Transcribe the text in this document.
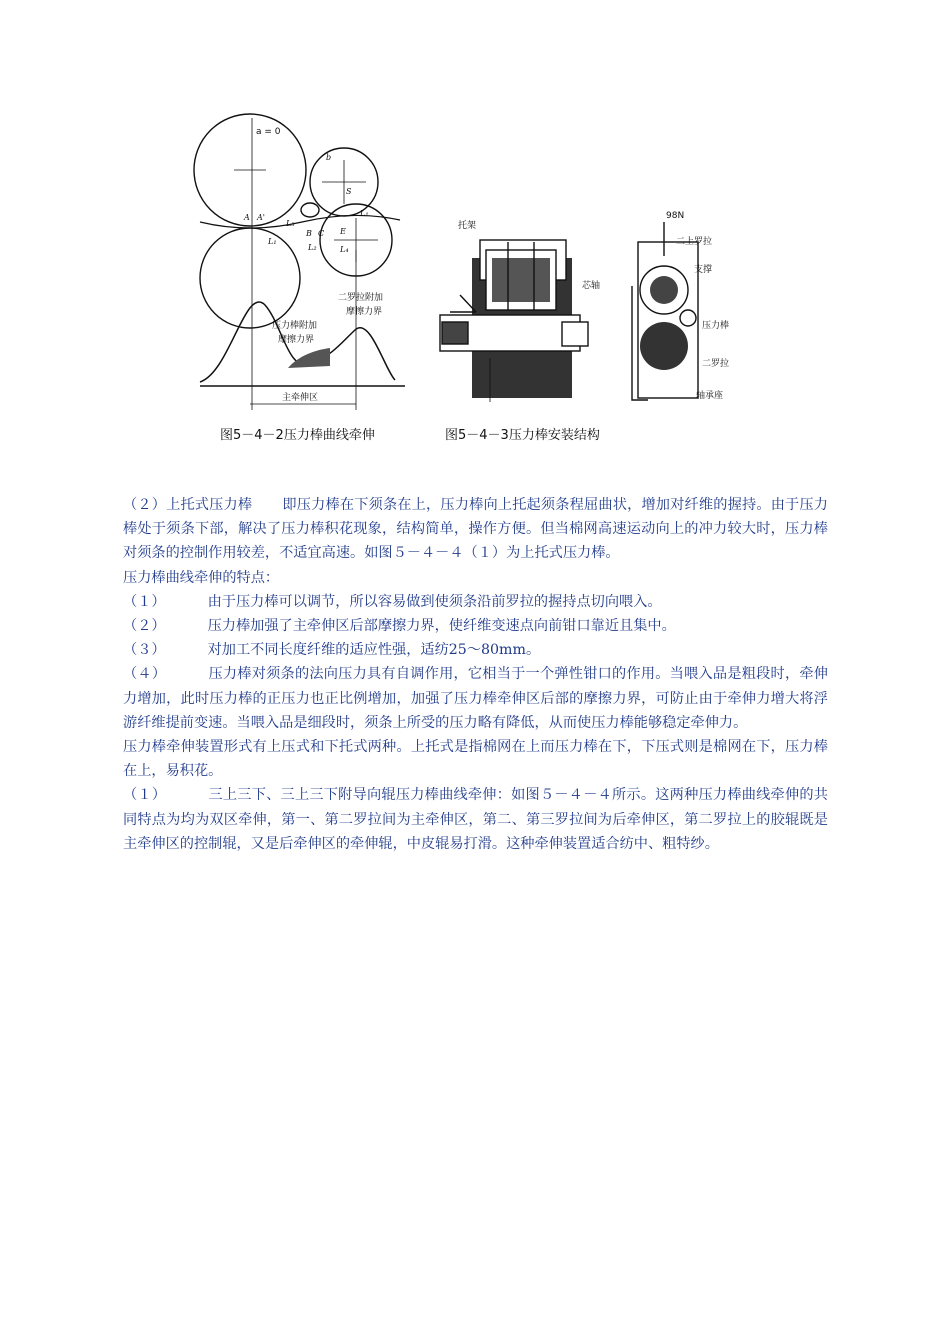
a = 0
A A'
B C E
b
S
L₁
L₂
L₃
L₄
L₁
二罗拉附加
摩擦力界
压力棒附加
摩擦力界
主牵伸区
托架
芯轴
98N
二上罗拉
支撑
压力棒
二罗拉
轴承座
图5－4－2压力棒曲线牵伸	图5－4－3压力棒安装结构

（２）上托式压力棒 即压力棒在下须条在上，压力棒向上托起须条程屈曲状，增加对纤维的握持。由于压力棒处于须条下部，解决了压力棒积花现象，结构简单，操作方便。但当棉网高速运动向上的冲力较大时，压力棒对须条的控制作用较差，不适宜高速。如图５－４－４（１）为上托式压力棒。

压力棒曲线牵伸的特点：

（１）	由于压力棒可以调节，所以容易做到使须条沿前罗拉的握持点切向喂入。

（２）	压力棒加强了主牵伸区后部摩擦力界，使纤维变速点向前钳口靠近且集中。

（３）	对加工不同长度纤维的适应性强，适纺25～80mm。

（４）	压力棒对须条的法向压力具有自调作用，它相当于一个弹性钳口的作用。当喂入品是粗段时，牵伸力增加，此时压力棒的正压力也正比例增加，加强了压力棒牵伸区后部的摩擦力界，可防止由于牵伸力增大将浮游纤维提前变速。当喂入品是细段时，须条上所受的压力略有降低，从而使压力棒能够稳定牵伸力。

压力棒牵伸装置形式有上压式和下托式两种。上托式是指棉网在上而压力棒在下，下压式则是棉网在下，压力棒在上，易积花。

（１）	三上三下、三上三下附导向辊压力棒曲线牵伸：如图５－４－４所示。这两种压力棒曲线牵伸的共同特点为均为双区牵伸，第一、第二罗拉间为主牵伸区，第二、第三罗拉间为后牵伸区，第二罗拉上的胶辊既是主牵伸区的控制辊，又是后牵伸区的牵伸辊，中皮辊易打滑。这种牵伸装置适合纺中、粗特纱。
